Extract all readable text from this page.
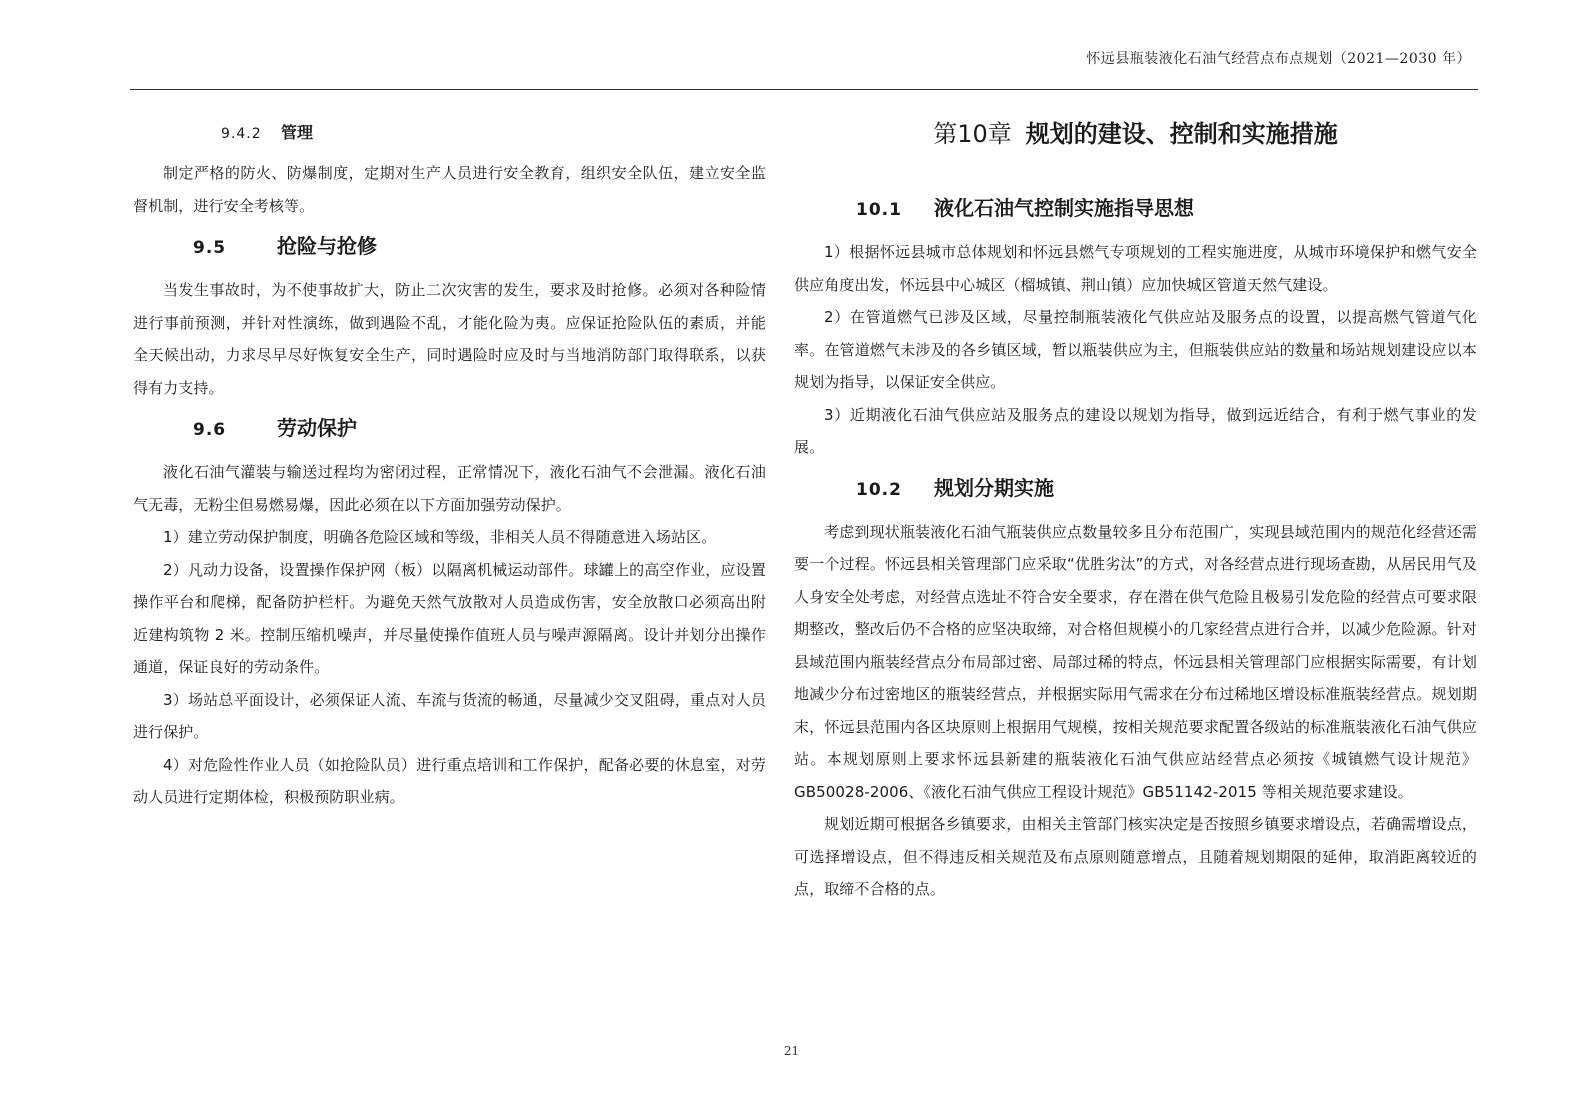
怀远县瓶装液化石油气经营点布点规划（2021—2030 年）
9.4.2 管理

制定严格的防火、防爆制度，定期对生产人员进行安全教育，组织安全队伍，建立安全监督机制，进行安全考核等。

9.5	抢险与抢修

当发生事故时，为不使事故扩大，防止二次灾害的发生，要求及时抢修。必须对各种险情进行事前预测，并针对性演练，做到遇险不乱，才能化险为夷。应保证抢险队伍的素质，并能全天候出动，力求尽早尽好恢复安全生产，同时遇险时应及时与当地消防部门取得联系，以获得有力支持。

9.6	劳动保护

液化石油气灌装与输送过程均为密闭过程，正常情况下，液化石油气不会泄漏。液化石油气无毒，无粉尘但易燃易爆，因此必须在以下方面加强劳动保护。

1）建立劳动保护制度，明确各危险区域和等级，非相关人员不得随意进入场站区。

2）凡动力设备，设置操作保护网（板）以隔离机械运动部件。球罐上的高空作业，应设置操作平台和爬梯，配备防护栏杆。为避免天然气放散对人员造成伤害，安全放散口必须高出附近建构筑物 2 米。控制压缩机噪声，并尽量使操作值班人员与噪声源隔离。设计并划分出操作通道，保证良好的劳动条件。

3）场站总平面设计，必须保证人流、车流与货流的畅通，尽量减少交叉阻碍，重点对人员进行保护。

4）对危险性作业人员（如抢险队员）进行重点培训和工作保护，配备必要的休息室，对劳动人员进行定期体检，积极预防职业病。

第10章 规划的建设、控制和实施措施
10.1 液化石油气控制实施指导思想

1）根据怀远县城市总体规划和怀远县燃气专项规划的工程实施进度，从城市环境保护和燃气安全供应角度出发，怀远县中心城区（榴城镇、荆山镇）应加快城区管道天然气建设。

2）在管道燃气已涉及区域，尽量控制瓶装液化气供应站及服务点的设置，以提高燃气管道气化率。在管道燃气未涉及的各乡镇区域，暂以瓶装供应为主，但瓶装供应站的数量和场站规划建设应以本规划为指导，以保证安全供应。

3）近期液化石油气供应站及服务点的建设以规划为指导，做到远近结合，有利于燃气事业的发展。

10.2 规划分期实施

考虑到现状瓶装液化石油气瓶装供应点数量较多且分布范围广，实现县域范围内的规范化经营还需要一个过程。怀远县相关管理部门应采取“优胜劣汰”的方式，对各经营点进行现场查勘，从居民用气及人身安全处考虑，对经营点选址不符合安全要求，存在潜在供气危险且极易引发危险的经营点可要求限期整改，整改后仍不合格的应坚决取缔，对合格但规模小的几家经营点进行合并，以减少危险源。针对县域范围内瓶装经营点分布局部过密、局部过稀的特点，怀远县相关管理部门应根据实际需要，有计划地减少分布过密地区的瓶装经营点，并根据实际用气需求在分布过稀地区增设标准瓶装经营点。规划期末，怀远县范围内各区块原则上根据用气规模，按相关规范要求配置各级站的标准瓶装液化石油气供应站。本规划原则上要求怀远县新建的瓶装液化石油气供应站经营点必须按《城镇燃气设计规范》GB50028-2006、《液化石油气供应工程设计规范》GB51142-2015 等相关规范要求建设。

规划近期可根据各乡镇要求，由相关主管部门核实决定是否按照乡镇要求增设点，若确需增设点，可选择增设点，但不得违反相关规范及布点原则随意增点，且随着规划期限的延伸，取消距离较近的点，取缔不合格的点。

21
